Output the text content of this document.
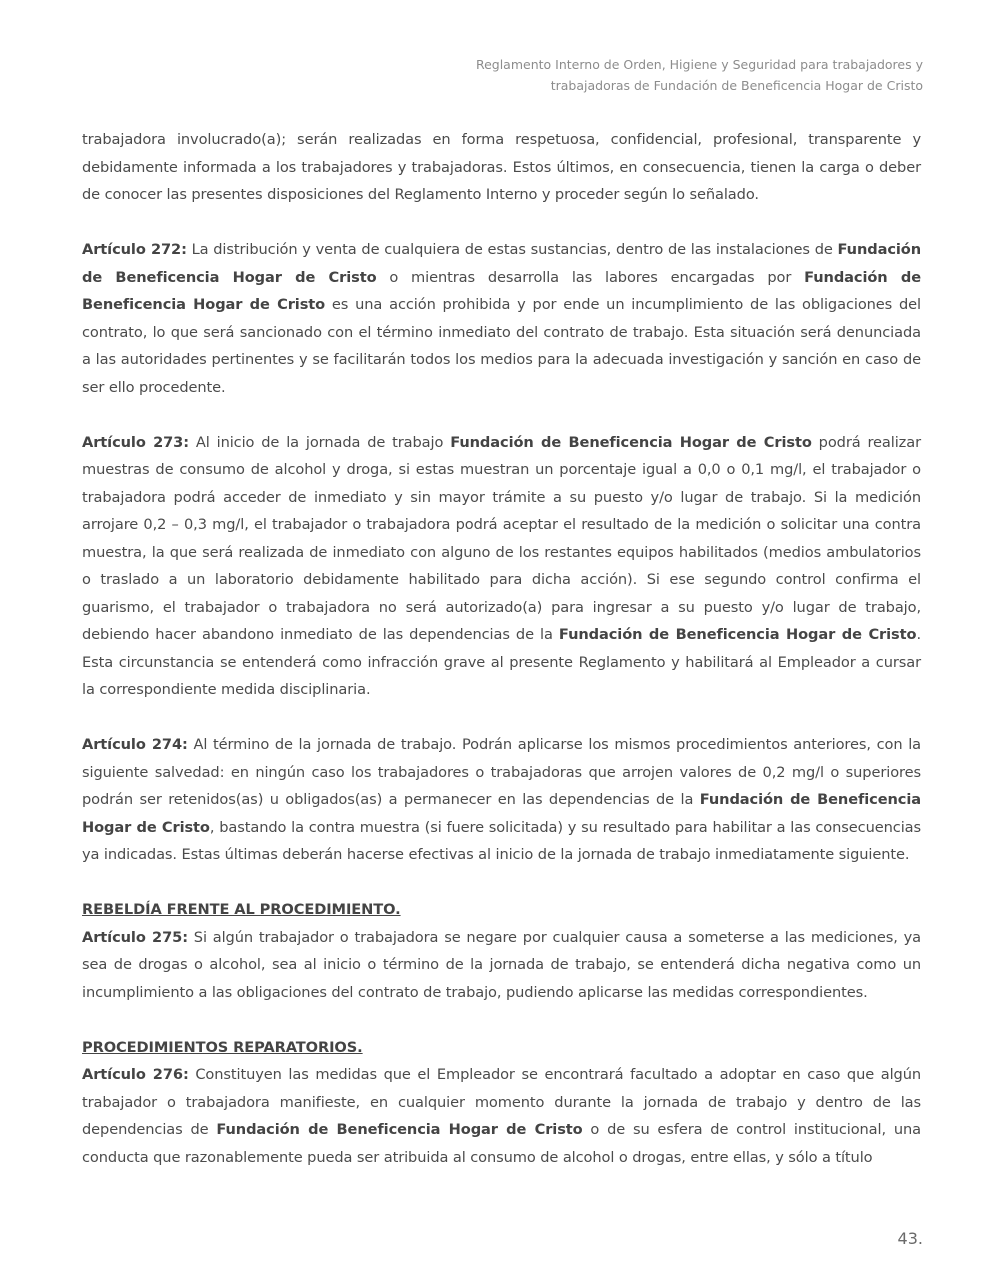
Reglamento Interno de Orden, Higiene y Seguridad para trabajadores y
trabajadoras de Fundación de Beneficencia Hogar de Cristo

trabajadora involucrado(a); serán realizadas en forma respetuosa, confidencial, profesional, transparente y debidamente informada a los trabajadores y trabajadoras. Estos últimos, en consecuencia, tienen la carga o deber de conocer las presentes disposiciones del Reglamento Interno y proceder según lo señalado.

Artículo 272: La distribución y venta de cualquiera de estas sustancias, dentro de las instalaciones de Fundación de Beneficencia Hogar de Cristo o mientras desarrolla las labores encargadas por Fundación de Beneficencia Hogar de Cristo es una acción prohibida y por ende un incumplimiento de las obligaciones del contrato, lo que será sancionado con el término inmediato del contrato de trabajo. Esta situación será denunciada a las autoridades pertinentes y se facilitarán todos los medios para la adecuada investigación y sanción en caso de ser ello procedente.

Artículo 273: Al inicio de la jornada de trabajo Fundación de Beneficencia Hogar de Cristo podrá realizar muestras de consumo de alcohol y droga, si estas muestran un porcentaje igual a 0,0 o 0,1 mg/l, el trabajador o trabajadora podrá acceder de inmediato y sin mayor trámite a su puesto y/o lugar de trabajo. Si la medición arrojare 0,2 – 0,3 mg/l, el trabajador o trabajadora podrá aceptar el resultado de la medición o solicitar una contra muestra, la que será realizada de inmediato con alguno de los restantes equipos habilitados (medios ambulatorios o traslado a un laboratorio debidamente habilitado para dicha acción). Si ese segundo control confirma el guarismo, el trabajador o trabajadora no será autorizado(a) para ingresar a su puesto y/o lugar de trabajo, debiendo hacer abandono inmediato de las dependencias de la Fundación de Beneficencia Hogar de Cristo. Esta circunstancia se entenderá como infracción grave al presente Reglamento y habilitará al Empleador a cursar la correspondiente medida disciplinaria.

Artículo 274: Al término de la jornada de trabajo. Podrán aplicarse los mismos procedimientos anteriores, con la siguiente salvedad: en ningún caso los trabajadores o trabajadoras que arrojen valores de 0,2 mg/l o superiores podrán ser retenidos(as) u obligados(as) a permanecer en las dependencias de la Fundación de Beneficencia Hogar de Cristo, bastando la contra muestra (si fuere solicitada) y su resultado para habilitar a las consecuencias ya indicadas. Estas últimas deberán hacerse efectivas al inicio de la jornada de trabajo inmediatamente siguiente.

REBELDÍA FRENTE AL PROCEDIMIENTO.

Artículo 275: Si algún trabajador o trabajadora se negare por cualquier causa a someterse a las mediciones, ya sea de drogas o alcohol, sea al inicio o término de la jornada de trabajo, se entenderá dicha negativa como un incumplimiento a las obligaciones del contrato de trabajo, pudiendo aplicarse las medidas correspondientes.

PROCEDIMIENTOS REPARATORIOS.

Artículo 276: Constituyen las medidas que el Empleador se encontrará facultado a adoptar en caso que algún trabajador o trabajadora manifieste, en cualquier momento durante la jornada de trabajo y dentro de las dependencias de Fundación de Beneficencia Hogar de Cristo o de su esfera de control institucional, una conducta que razonablemente pueda ser atribuida al consumo de alcohol o drogas, entre ellas, y sólo a título

43.
